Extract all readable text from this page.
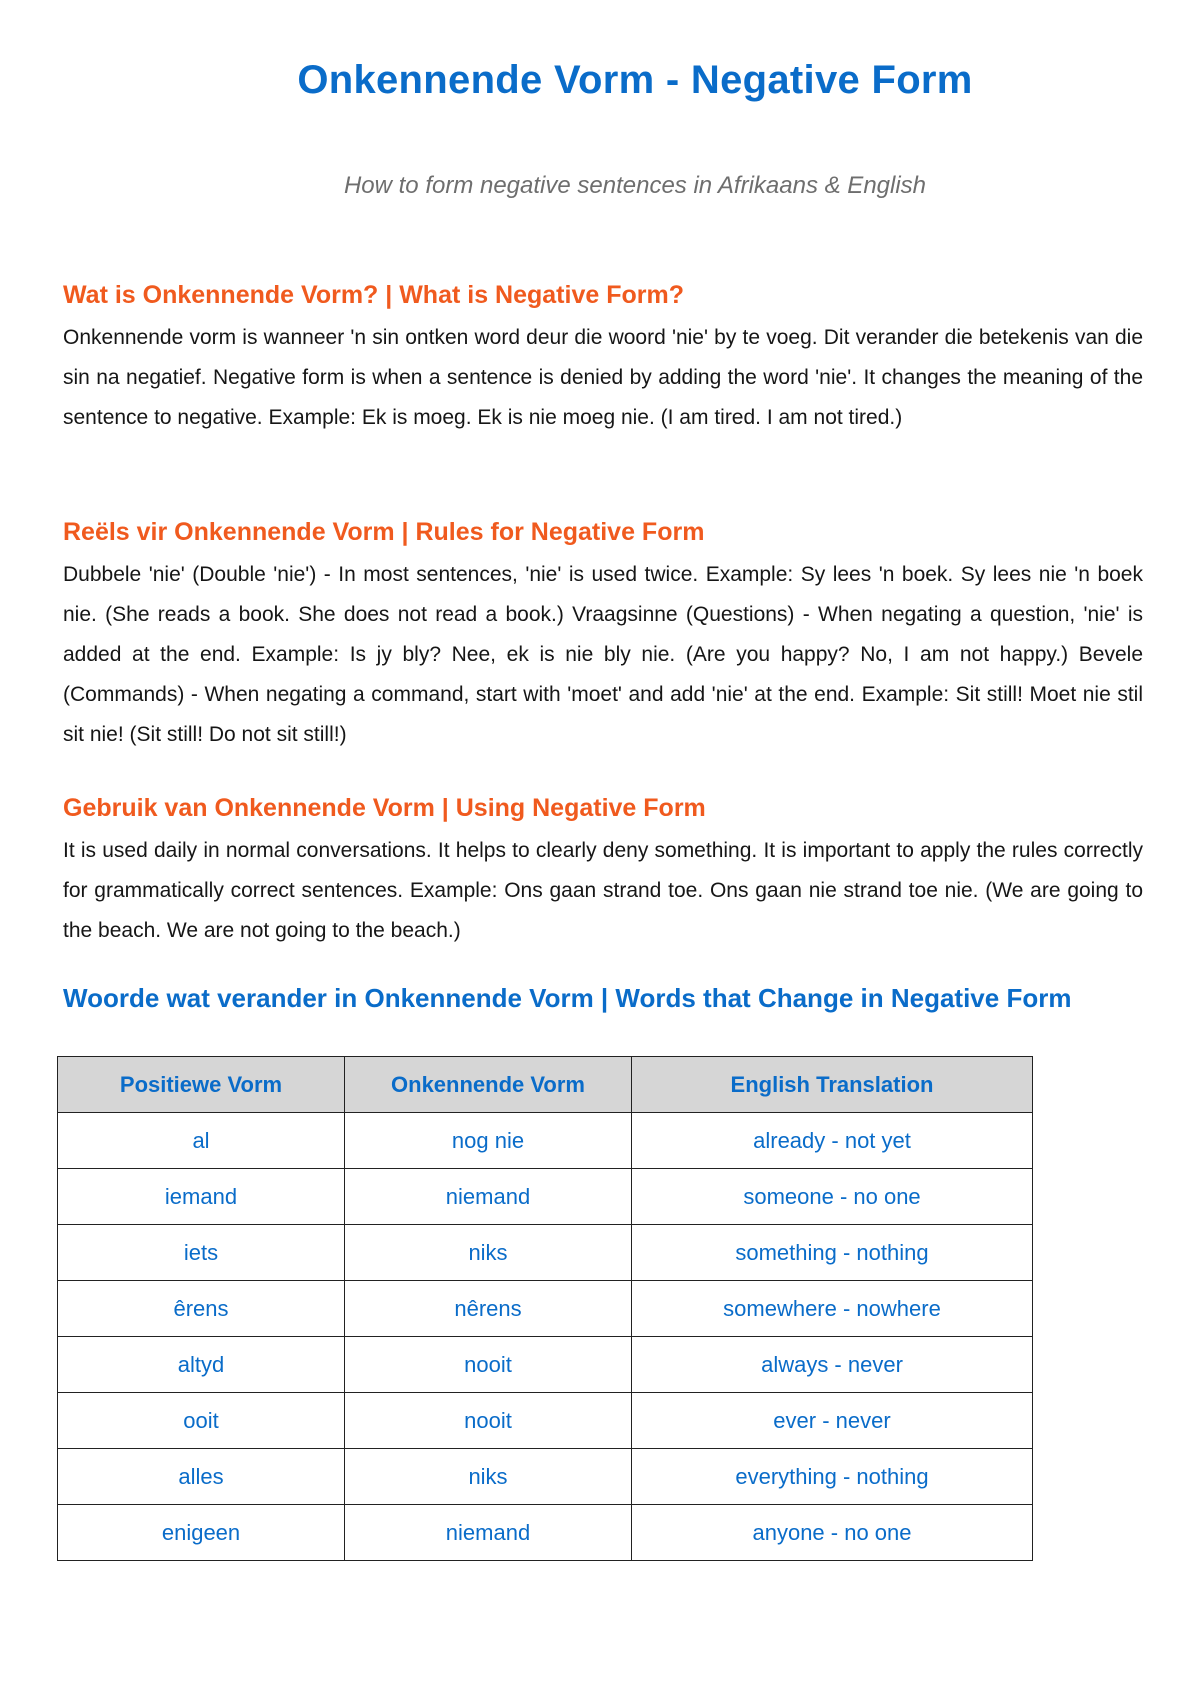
Onkennende Vorm - Negative Form

How to form negative sentences in Afrikaans & English

Wat is Onkennende Vorm? | What is Negative Form?

Onkennende vorm is wanneer 'n sin ontken word deur die woord 'nie' by te voeg. Dit verander die betekenis van die sin na negatief. Negative form is when a sentence is denied by adding the word 'nie'. It changes the meaning of the sentence to negative. Example: Ek is moeg. Ek is nie moeg nie. (I am tired. I am not tired.)

Reëls vir Onkennende Vorm | Rules for Negative Form

Dubbele 'nie' (Double 'nie') - In most sentences, 'nie' is used twice. Example: Sy lees 'n boek. Sy lees nie 'n boek nie. (She reads a book. She does not read a book.) Vraagsinne (Questions) - When negating a question, 'nie' is added at the end. Example: Is jy bly? Nee, ek is nie bly nie. (Are you happy? No, I am not happy.) Bevele (Commands) - When negating a command, start with 'moet' and add 'nie' at the end. Example: Sit still! Moet nie stil sit nie! (Sit still! Do not sit still!)

Gebruik van Onkennende Vorm | Using Negative Form

It is used daily in normal conversations. It helps to clearly deny something. It is important to apply the rules correctly for grammatically correct sentences. Example: Ons gaan strand toe. Ons gaan nie strand toe nie. (We are going to the beach. We are not going to the beach.)

Woorde wat verander in Onkennende Vorm | Words that Change in Negative Form
Positiewe Vorm	Onkennende Vorm	English Translation
al	nog nie	already - not yet
iemand	niemand	someone - no one
iets	niks	something - nothing
êrens	nêrens	somewhere - nowhere
altyd	nooit	always - never
ooit	nooit	ever - never
alles	niks	everything - nothing
enigeen	niemand	anyone - no one
